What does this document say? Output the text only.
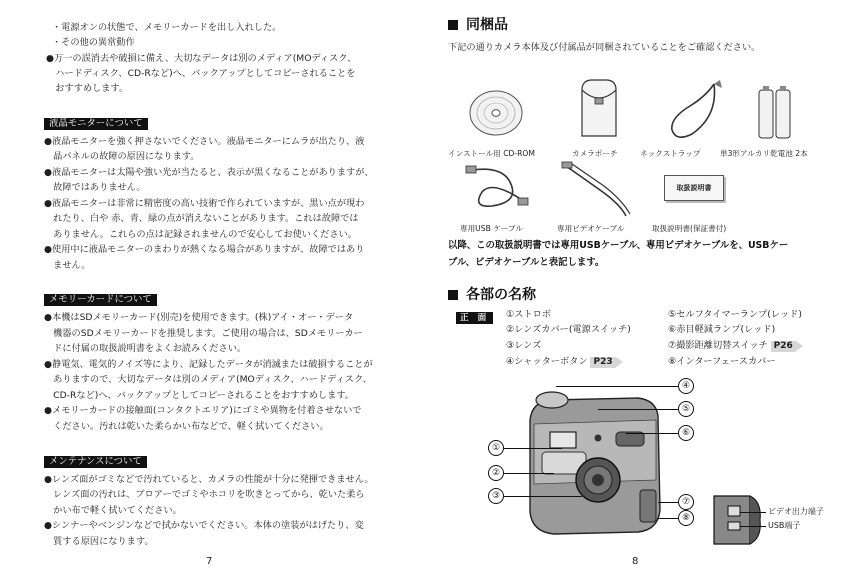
・電源オンの状態で、メモリーカードを出し入れした。
・その他の異常動作
●万一の誤消去や破損に備え、大切なデータは別のメディア(MOディスク、
　ハードディスク、CD-Rなど)へ、バックアップとしてコピーされることを
　おすすめします。
液晶モニターについて
●液晶モニターを強く押さないでください。液晶モニターにムラが出たり、液
　晶パネルの故障の原因になります。
●液晶モニターは太陽や強い光が当たると、表示が黒くなることがありますが、
　故障ではありません。
●液晶モニターは非常に精密度の高い技術で作られていますが、黒い点が現わ
　れたり、白や 赤、青、緑の点が消えないことがあります。これは故障では
　ありません。これらの点は記録されませんので安心してお使いください。
●使用中に液晶モニターのまわりが熱くなる場合がありますが、故障ではあり
　ません。
メモリーカードについて
●本機はSDメモリーカード(別売)を使用できます。(株)アイ・オー・データ
　機器のSDメモリーカードを推奨します。ご使用の場合は、SDメモリーカー
　ドに付属の取扱説明書をよくお読みください。
●静電気、電気的ノイズ等により、記録したデータが消滅または破損することが
　ありますので、大切なデータは別のメディア(MOディスク、ハードディスク、
　CD-Rなど)へ、バックアップとしてコピーされることをおすすめします。
●メモリーカードの接触面(コンタクトエリア)にゴミや異物を付着させないで
　ください。汚れは乾いた柔らかい布などで、軽く拭いてください。
メンテナンスについて
●レンズ面がゴミなどで汚れていると、カメラの性能が十分に発揮できません。
　レンズ面の汚れは、ブロアーでゴミやホコリを吹きとってから、乾いた柔ら
　かい布で軽く拭いてください。
●シンナーやベンジンなどで拭かないでください。本体の塗装がはげたり、変
　質する原因になります。
7
同梱品
下記の通りカメラ本体及び付属品が同梱されていることをご確認ください。
インストール用 CD-ROM	カメラポーチ	ネックストラップ	単3形アルカリ乾電池 2本
取扱説明書
専用USB ケーブル	専用ビデオケーブル	取扱説明書(保証書付)
以降、この取扱説明書では専用USBケーブル、専用ビデオケーブルを、USBケー
ブル、ビデオケーブルと表記します。
各部の名称
正 面	①ストロボ
②レンズカバー(電源スイッチ)
③レンズ
④シャッターボタン P23
⑤セルフタイマーランプ(レッド)
⑥赤目軽減ランプ(レッド)
⑦撮影距離切替スイッチ P26
⑧インターフェースカバー
①
②
③
④
⑤
⑥
⑦
⑧
ビデオ出力端子
USB端子
8
